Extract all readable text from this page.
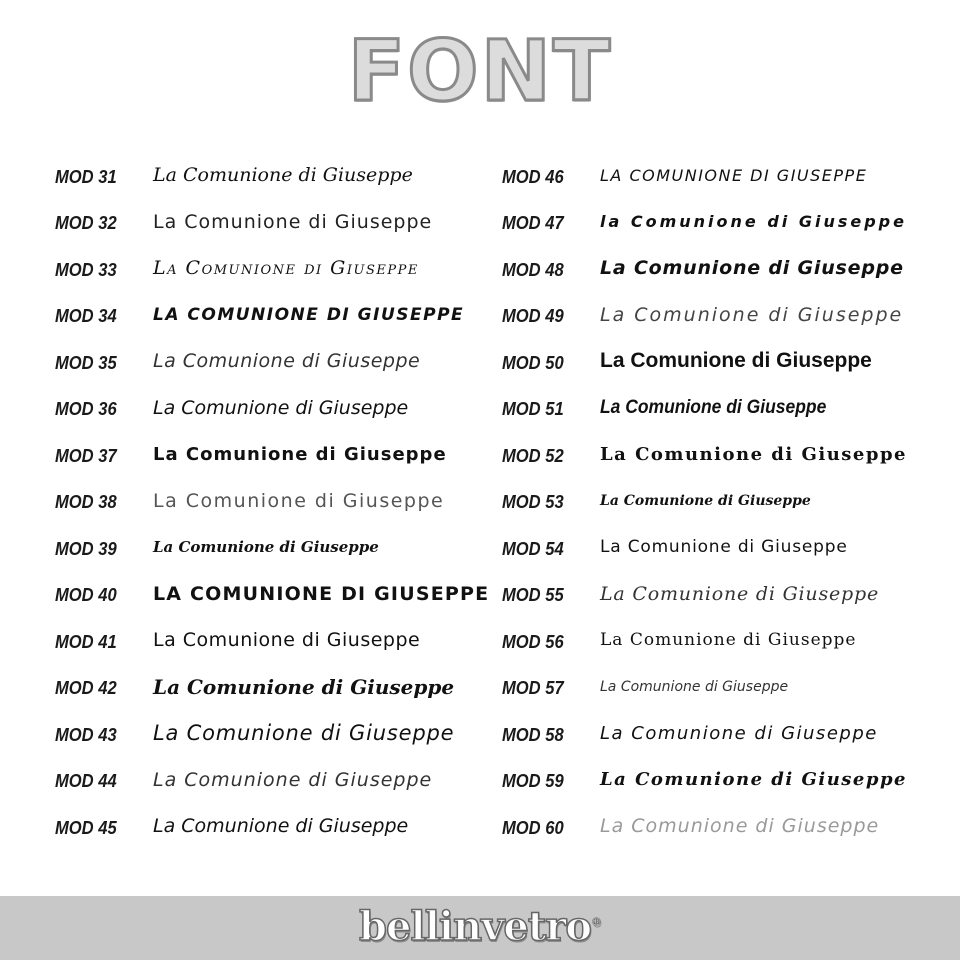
FONT
MOD 31	La Comunione di Giuseppe
MOD 32	La Comunione di Giuseppe
MOD 33	La Comunione di Giuseppe
MOD 34	LA COMUNIONE DI GIUSEPPE
MOD 35	La Comunione di Giuseppe
MOD 36	La Comunione di Giuseppe
MOD 37	La Comunione di Giuseppe
MOD 38	La Comunione di Giuseppe
MOD 39	La Comunione di Giuseppe
MOD 40	LA COMUNIONE DI GIUSEPPE
MOD 41	La Comunione di Giuseppe
MOD 42	La Comunione di Giuseppe
MOD 43	La Comunione di Giuseppe
MOD 44	La Comunione di Giuseppe
MOD 45	La Comunione di Giuseppe
MOD 46	LA COMUNIONE DI GIUSEPPE
MOD 47	la Comunione di Giuseppe
MOD 48	La Comunione di Giuseppe
MOD 49	La Comunione di Giuseppe
MOD 50	La Comunione di Giuseppe
MOD 51	La Comunione di Giuseppe
MOD 52	La Comunione di Giuseppe
MOD 53	La Comunione di Giuseppe
MOD 54	La Comunione di Giuseppe
MOD 55	La Comunione di Giuseppe
MOD 56	La Comunione di Giuseppe
MOD 57	La Comunione di Giuseppe
MOD 58	La Comunione di Giuseppe
MOD 59	La Comunione di Giuseppe
MOD 60	La Comunione di Giuseppe
bellinvetro®
